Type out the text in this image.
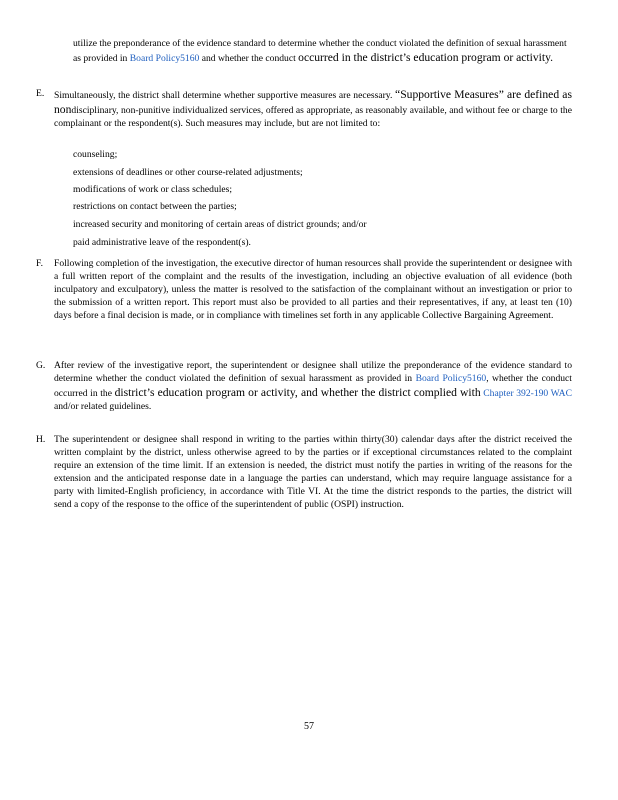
utilize the preponderance of the evidence standard to determine whether the conduct violated the definition of sexual harassment as provided in Board Policy5160 and whether the conduct occurred in the district’s education program or activity.
E. Simultaneously, the district shall determine whether supportive measures are necessary. “Supportive Measures” are defined as nondisciplinary, non-punitive individualized services, offered as appropriate, as reasonably available, and without fee or charge to the complainant or the respondent(s). Such measures may include, but are not limited to:
counseling;
extensions of deadlines or other course-related adjustments;
modifications of work or class schedules;
restrictions on contact between the parties;
increased security and monitoring of certain areas of district grounds; and/or
paid administrative leave of the respondent(s).
F. Following completion of the investigation, the executive director of human resources shall provide the superintendent or designee with a full written report of the complaint and the results of the investigation, including an objective evaluation of all evidence (both inculpatory and exculpatory), unless the matter is resolved to the satisfaction of the complainant without an investigation or prior to the submission of a written report. This report must also be provided to all parties and their representatives, if any, at least ten (10) days before a final decision is made, or in compliance with timelines set forth in any applicable Collective Bargaining Agreement.
G. After review of the investigative report, the superintendent or designee shall utilize the preponderance of the evidence standard to determine whether the conduct violated the definition of sexual harassment as provided in Board Policy5160, whether the conduct occurred in the district’s education program or activity, and whether the district complied with Chapter 392-190 WAC and/or related guidelines.
H. The superintendent or designee shall respond in writing to the parties within thirty(30) calendar days after the district received the written complaint by the district, unless otherwise agreed to by the parties or if exceptional circumstances related to the complaint require an extension of the time limit. If an extension is needed, the district must notify the parties in writing of the reasons for the extension and the anticipated response date in a language the parties can understand, which may require language assistance for a party with limited-English proficiency, in accordance with Title VI. At the time the district responds to the parties, the district will send a copy of the response to the office of the superintendent of public (OSPI) instruction.
57
